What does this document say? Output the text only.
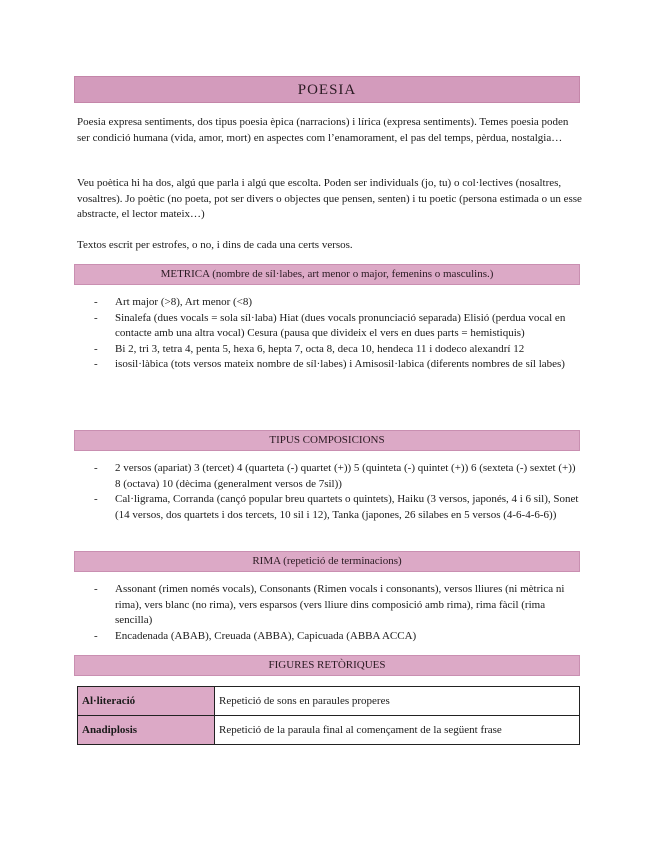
POESIA

Poesia expresa sentiments, dos tipus poesia èpica (narracions) i lírica (expresa sentiments). Temes poesia poden ser condició humana (vida, amor, mort) en aspectes com l’enamorament, el pas del temps, pèrdua, nostalgia…

Veu poètica hi ha dos, algú que parla i algú que escolta. Poden ser individuals (jo, tu) o col·lectives (nosaltres, vosaltres). Jo poètic (no poeta, pot ser divers o objectes que pensen, senten) i tu poetic (persona estimada o un esse abstracte, el lector mateix…)

Textos escrit per estrofes, o no, i dins de cada una certs versos.

METRICA (nombre de síl·labes, art menor o major, femenins o masculins.)
- Art major (>8), Art menor (<8)
- Sinalefa (dues vocals = sola síl·laba) Hiat (dues vocals pronunciació separada) Elisió (perdua vocal en contacte amb una altra vocal) Cesura (pausa que divideix el vers en dues parts = hemistiquis)
- Bi 2, tri 3, tetra 4, penta 5, hexa 6, hepta 7, octa 8, deca 10, hendeca 11 i dodeco alexandrí 12
- isosil·làbica (tots versos mateix nombre de síl·labes) i Amisosil·labica (diferents nombres de síl labes)
TIPUS COMPOSICIONS
- 2 versos (apariat) 3 (tercet) 4 (quarteta (-) quartet (+)) 5 (quinteta (-) quintet (+)) 6 (sexteta (-) sextet (+)) 8 (octava) 10 (dècima (generalment versos de 7sil))
- Cal·ligrama, Corranda (cançó popular breu quartets o quintets), Haiku (3 versos, japonés, 4 i 6 sil), Sonet (14 versos, dos quartets i dos tercets, 10 sil i 12), Tanka (japones, 26 silabes en 5 versos (4-6-4-6-6))
RIMA (repetició de terminacions)
- Assonant (rimen només vocals), Consonants (Rimen vocals i consonants), versos lliures (ni mètrica ni rima), vers blanc (no rima), vers esparsos (vers lliure dins composició amb rima), rima fàcil (rima sencilla)
- Encadenada (ABAB), Creuada (ABBA), Capicuada (ABBA ACCA)
FIGURES RETÒRIQUES
Al·literació	Repetició de sons en paraules properes
Anadiplosis	Repetició de la paraula final al començament de la següent frase
